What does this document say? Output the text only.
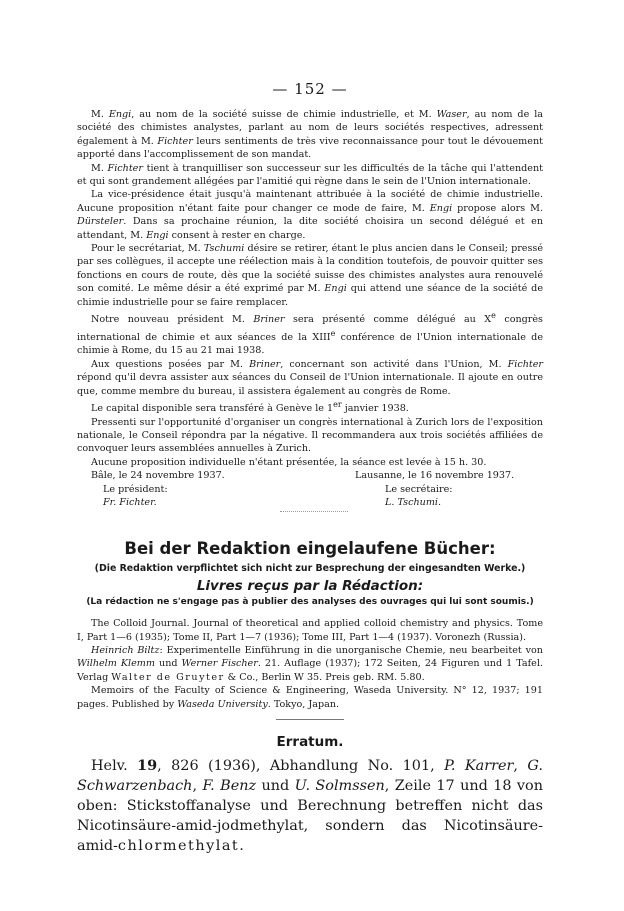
— 152 —

M. Engi, au nom de la société suisse de chimie industrielle, et M. Waser, au nom de la société des chimistes analystes, parlant au nom de leurs sociétés respectives, adressent également à M. Fichter leurs sentiments de très vive reconnaissance pour tout le dévouement apporté dans l'accomplissement de son mandat.

M. Fichter tient à tranquilliser son successeur sur les difficultés de la tâche qui l'attendent et qui sont grandement allégées par l'amitié qui règne dans le sein de l'Union internationale.

La vice-présidence était jusqu'à maintenant attribuée à la société de chimie industrielle. Aucune proposition n'étant faite pour changer ce mode de faire, M. Engi propose alors M. Dürsteler. Dans sa prochaine réunion, la dite société choisira un second délégué et en attendant, M. Engi consent à rester en charge.

Pour le secrétariat, M. Tschumi désire se retirer, étant le plus ancien dans le Conseil; pressé par ses collègues, il accepte une réélection mais à la condition toutefois, de pouvoir quitter ses fonctions en cours de route, dès que la société suisse des chimistes analystes aura renouvelé son comité. Le même désir a été exprimé par M. Engi qui attend une séance de la société de chimie industrielle pour se faire remplacer.

Notre nouveau président M. Briner sera présenté comme délégué au Xe congrès international de chimie et aux séances de la XIIIe conférence de l'Union internationale de chimie à Rome, du 15 au 21 mai 1938.

Aux questions posées par M. Briner, concernant son activité dans l'Union, M. Fichter répond qu'il devra assister aux séances du Conseil de l'Union internationale. Il ajoute en outre que, comme membre du bureau, il assistera également au congrès de Rome.

Le capital disponible sera transféré à Genève le 1er janvier 1938.

Pressenti sur l'opportunité d'organiser un congrès international à Zurich lors de l'exposition nationale, le Conseil répondra par la négative. Il recommandera aux trois sociétés affiliées de convoquer leurs assemblées annuelles à Zurich.

Aucune proposition individuelle n'étant présentée, la séance est levée à 15 h. 30.

Bâle, le 24 novembre 1937.
Le président:
Fr. Fichter.
Lausanne, le 16 novembre 1937.
Le secrétaire:
L. Tschumi.
Bei der Redaktion eingelaufene Bücher:
(Die Redaktion verpflichtet sich nicht zur Besprechung der eingesandten Werke.)
Livres reçus par la Rédaction:
(La rédaction ne s'engage pas à publier des analyses des ouvrages qui lui sont soumis.)

The Colloid Journal. Journal of theoretical and applied colloid chemistry and physics. Tome I, Part 1—6 (1935); Tome II, Part 1—7 (1936); Tome III, Part 1—4 (1937). Voronezh (Russia).

Heinrich Biltz: Experimentelle Einführung in die unorganische Chemie, neu bearbeitet von Wilhelm Klemm und Werner Fischer. 21. Auflage (1937); 172 Seiten, 24 Figuren und 1 Tafel. Verlag Walter de Gruyter & Co., Berlin W 35. Preis geb. RM. 5.80.

Memoirs of the Faculty of Science & Engineering, Waseda University. N° 12, 1937; 191 pages. Published by Waseda University. Tokyo, Japan.

Erratum.

Helv. 19, 826 (1936), Abhandlung No. 101, P. Karrer, G. Schwarzenbach, F. Benz und U. Solmssen, Zeile 17 und 18 von oben: Stickstoffanalyse und Berechnung betreffen nicht das Nicotinsäure-amid-jodmethylat, sondern das Nicotinsäure-amid-chlormethylat.
